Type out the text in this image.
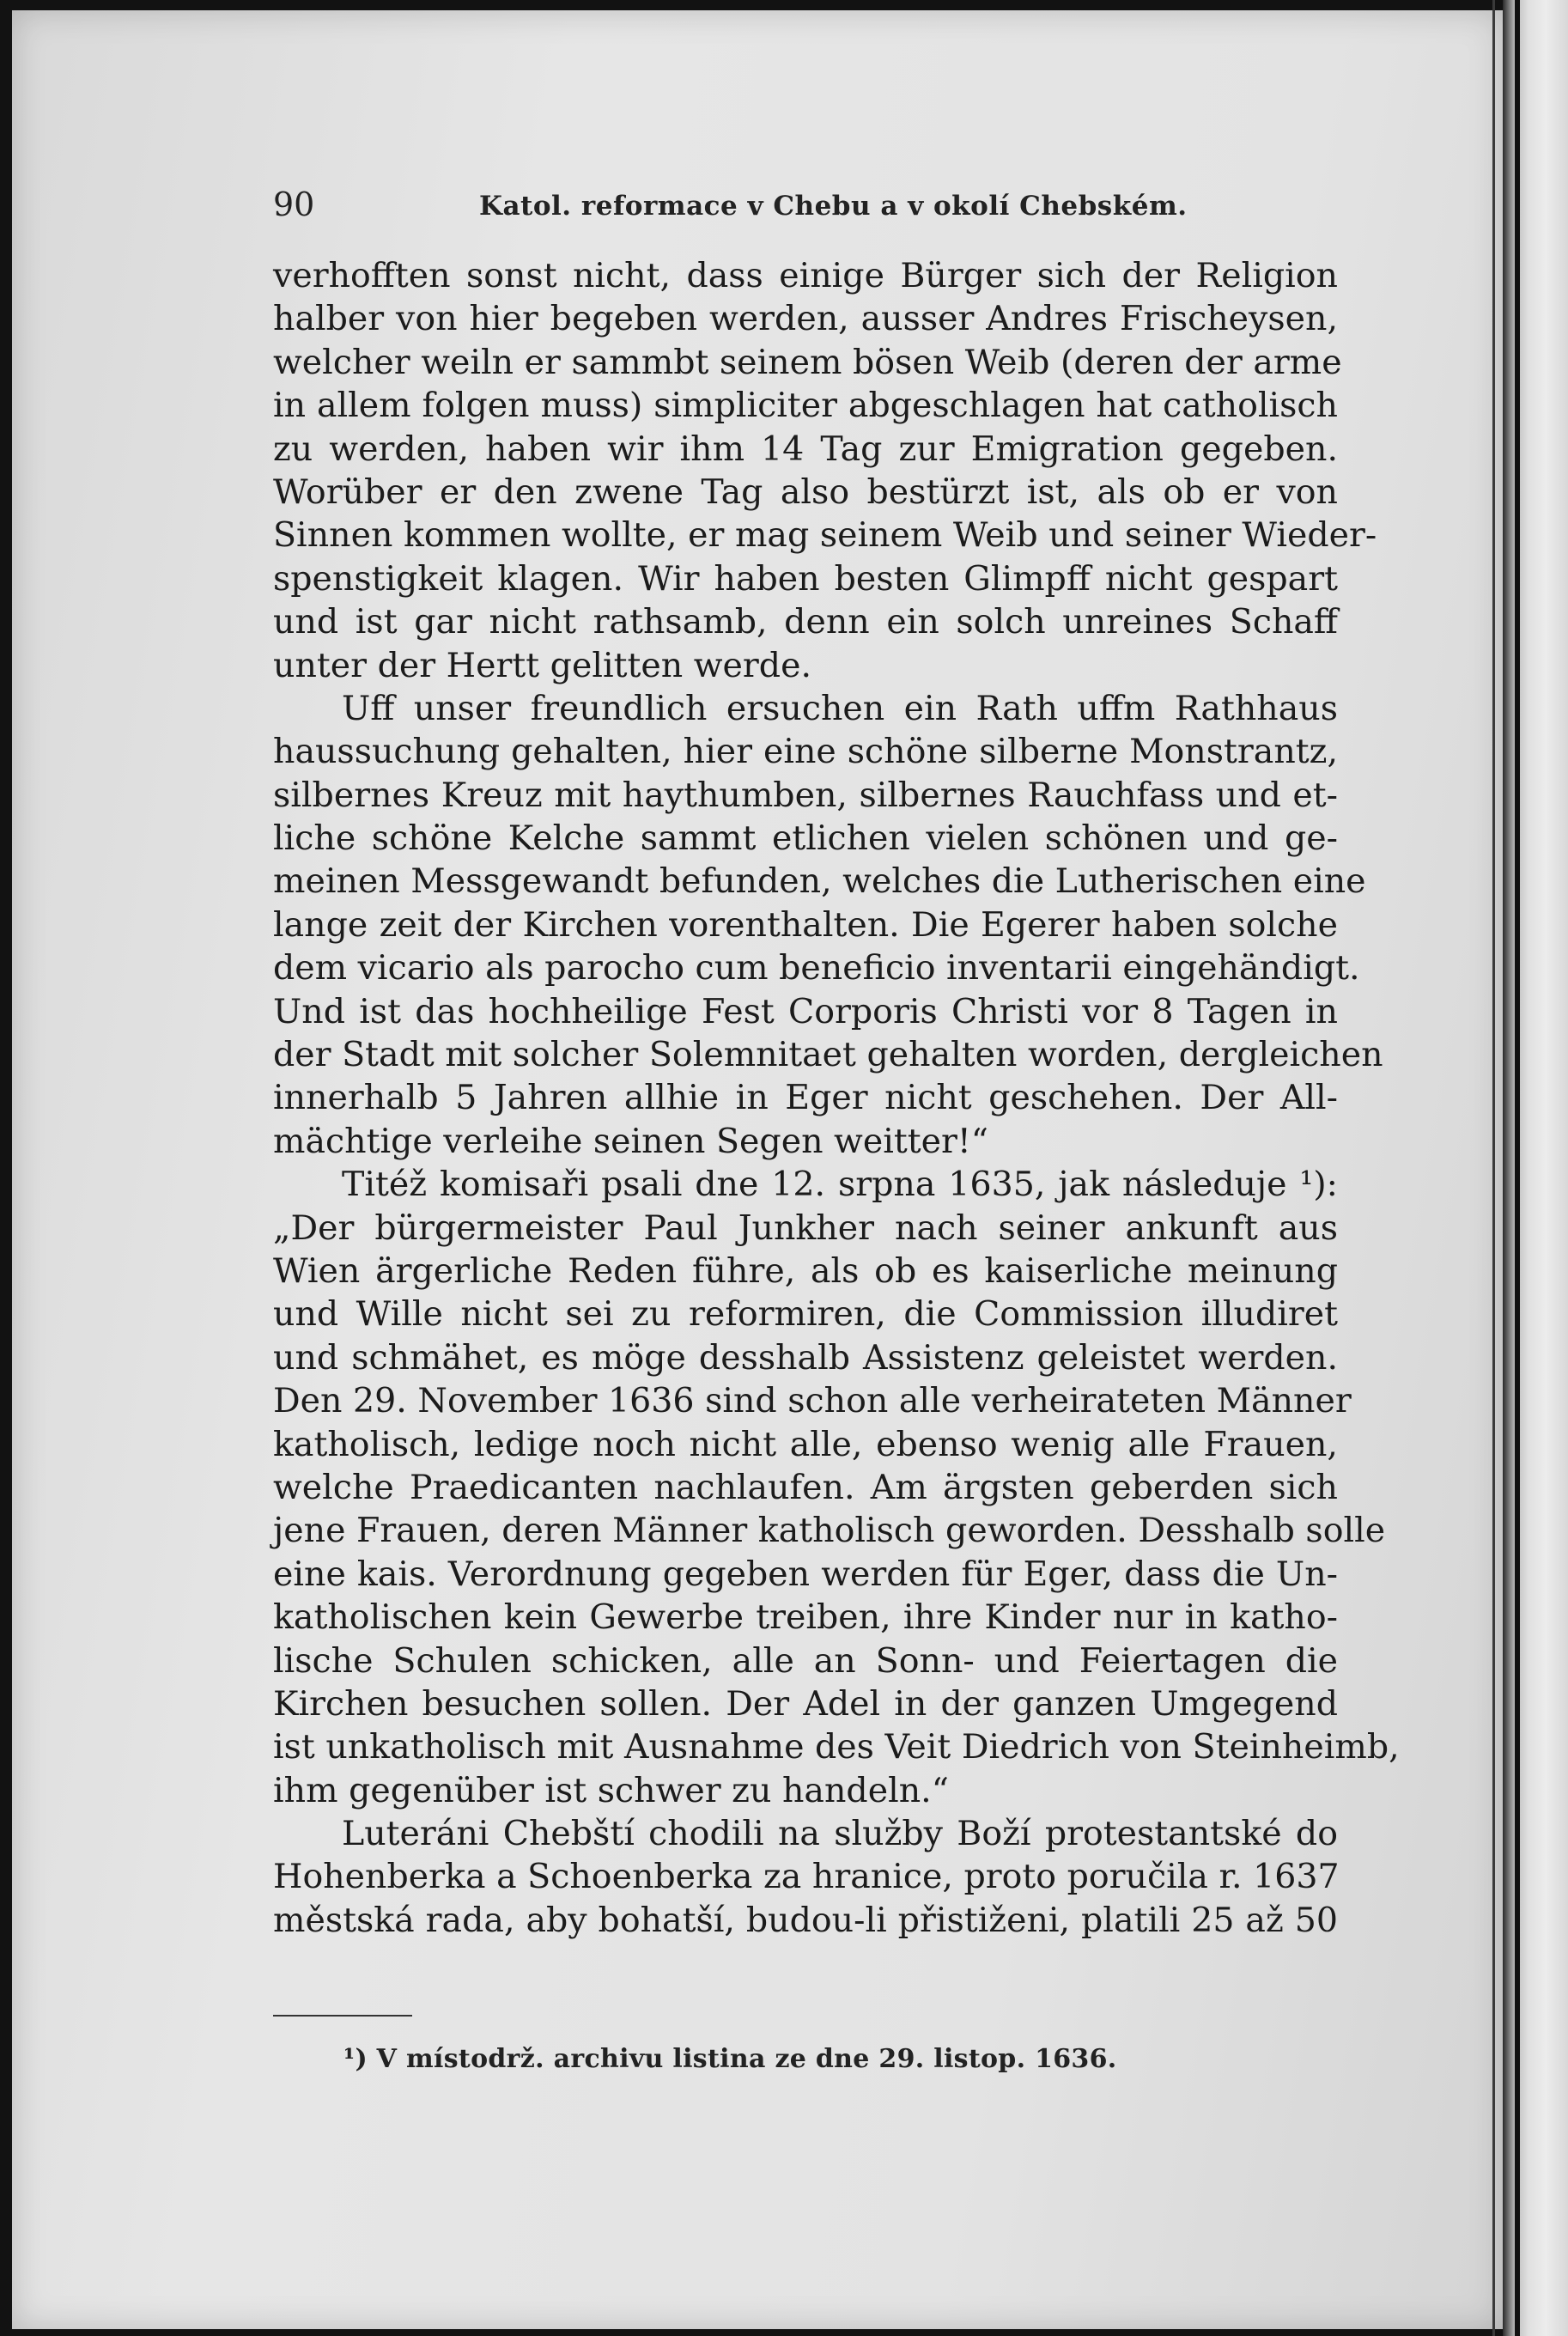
90	Katol. reformace v Chebu a v okolí Chebském.
verhofften sonst nicht, dass einige Bürger sich der Religion
halber von hier begeben werden, ausser Andres Frischeysen,
welcher weiln er sammbt seinem bösen Weib (deren der arme
in allem folgen muss) simpliciter abgeschlagen hat catholisch
zu werden, haben wir ihm 14 Tag zur Emigration gegeben.
Worüber er den zwene Tag also bestürzt ist, als ob er von
Sinnen kommen wollte, er mag seinem Weib und seiner Wieder-
spenstigkeit klagen. Wir haben besten Glimpff nicht gespart
und ist gar nicht rathsamb, denn ein solch unreines Schaff
unter der Hertt gelitten werde.
Uff unser freundlich ersuchen ein Rath uffm Rathhaus
haussuchung gehalten, hier eine schöne silberne Monstrantz,
silbernes Kreuz mit haythumben, silbernes Rauchfass und et-
liche schöne Kelche sammt etlichen vielen schönen und ge-
meinen Messgewandt befunden, welches die Lutherischen eine
lange zeit der Kirchen vorenthalten. Die Egerer haben solche
dem vicario als parocho cum beneficio inventarii eingehändigt.
Und ist das hochheilige Fest Corporis Christi vor 8 Tagen in
der Stadt mit solcher Solemnitaet gehalten worden, dergleichen
innerhalb 5 Jahren allhie in Eger nicht geschehen. Der All-
mächtige verleihe seinen Segen weitter!“
Titéž komisaři psali dne 12. srpna 1635, jak následuje ¹):
„Der bürgermeister Paul Junkher nach seiner ankunft aus
Wien ärgerliche Reden führe, als ob es kaiserliche meinung
und Wille nicht sei zu reformiren, die Commission illudiret
und schmähet, es möge desshalb Assistenz geleistet werden.
Den 29. November 1636 sind schon alle verheirateten Männer
katholisch, ledige noch nicht alle, ebenso wenig alle Frauen,
welche Praedicanten nachlaufen. Am ärgsten geberden sich
jene Frauen, deren Männer katholisch geworden. Desshalb solle
eine kais. Verordnung gegeben werden für Eger, dass die Un-
katholischen kein Gewerbe treiben, ihre Kinder nur in katho-
lische Schulen schicken, alle an Sonn- und Feiertagen die
Kirchen besuchen sollen. Der Adel in der ganzen Umgegend
ist unkatholisch mit Ausnahme des Veit Diedrich von Steinheimb,
ihm gegenüber ist schwer zu handeln.“
Luteráni Chebští chodili na služby Boží protestantské do
Hohenberka a Schoenberka za hranice, proto poručila r. 1637
městská rada, aby bohatší, budou-li přistiženi, platili 25 až 50
¹) V místodrž. archivu listina ze dne 29. listop. 1636.
